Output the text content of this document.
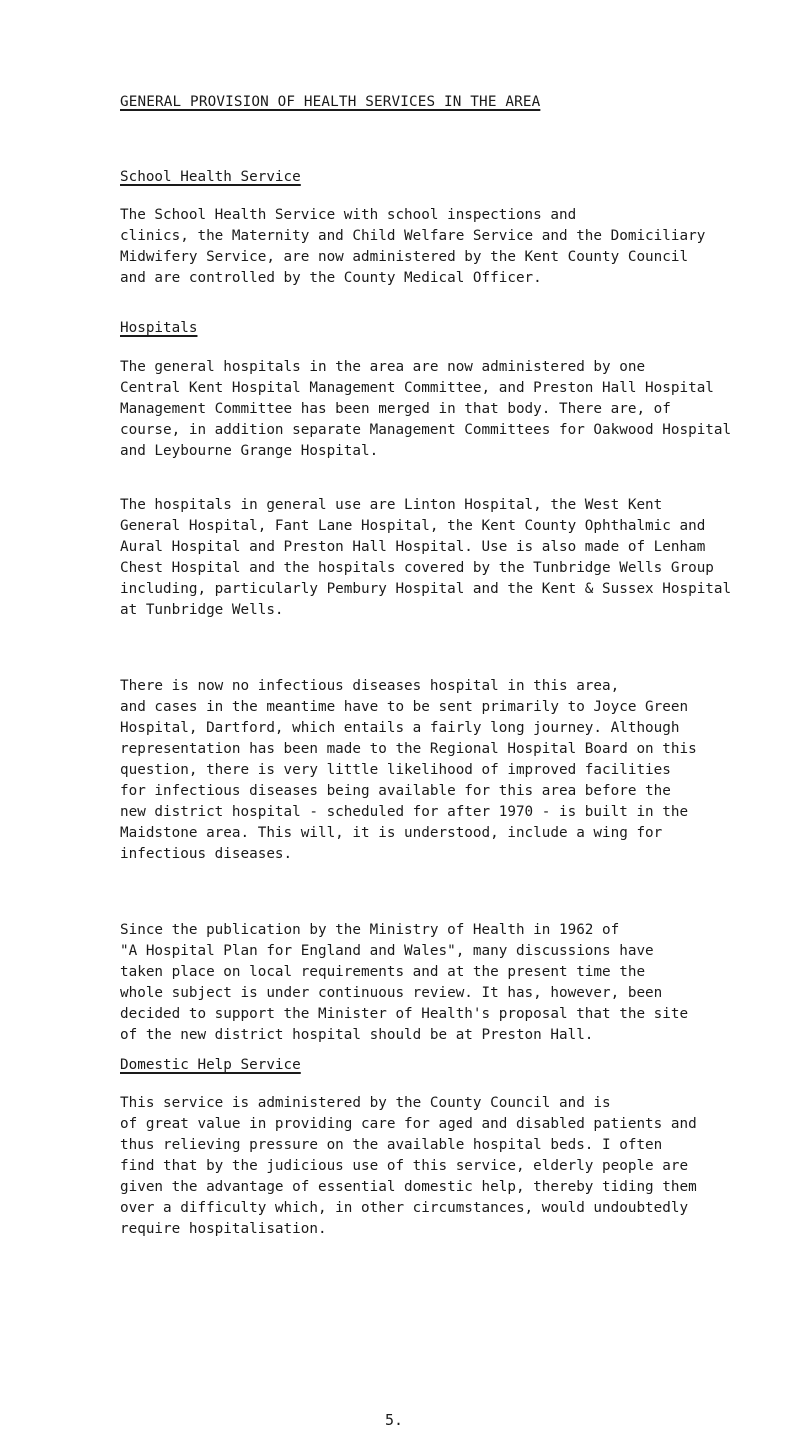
GENERAL PROVISION OF HEALTH SERVICES IN THE AREA
School Health Service

The School Health Service with school inspections and
clinics, the Maternity and Child Welfare Service and the Domiciliary
Midwifery Service, are now administered by the Kent County Council
and are controlled by the County Medical Officer.

Hospitals

The general hospitals in the area are now administered by one
Central Kent Hospital Management Committee, and Preston Hall Hospital
Management Committee has been merged in that body. There are, of
course, in addition separate Management Committees for Oakwood Hospital
and Leybourne Grange Hospital.

The hospitals in general use are Linton Hospital, the West Kent
General Hospital, Fant Lane Hospital, the Kent County Ophthalmic and
Aural Hospital and Preston Hall Hospital. Use is also made of Lenham
Chest Hospital and the hospitals covered by the Tunbridge Wells Group
including, particularly Pembury Hospital and the Kent & Sussex Hospital
at Tunbridge Wells.

There is now no infectious diseases hospital in this area,
and cases in the meantime have to be sent primarily to Joyce Green
Hospital, Dartford, which entails a fairly long journey. Although
representation has been made to the Regional Hospital Board on this
question, there is very little likelihood of improved facilities
for infectious diseases being available for this area before the
new district hospital - scheduled for after 1970 - is built in the
Maidstone area. This will, it is understood, include a wing for
infectious diseases.

Since the publication by the Ministry of Health in 1962 of
"A Hospital Plan for England and Wales", many discussions have
taken place on local requirements and at the present time the
whole subject is under continuous review. It has, however, been
decided to support the Minister of Health's proposal that the site
of the new district hospital should be at Preston Hall.

Domestic Help Service

This service is administered by the County Council and is
of great value in providing care for aged and disabled patients and
thus relieving pressure on the available hospital beds. I often
find that by the judicious use of this service, elderly people are
given the advantage of essential domestic help, thereby tiding them
over a difficulty which, in other circumstances, would undoubtedly
require hospitalisation.

5.
